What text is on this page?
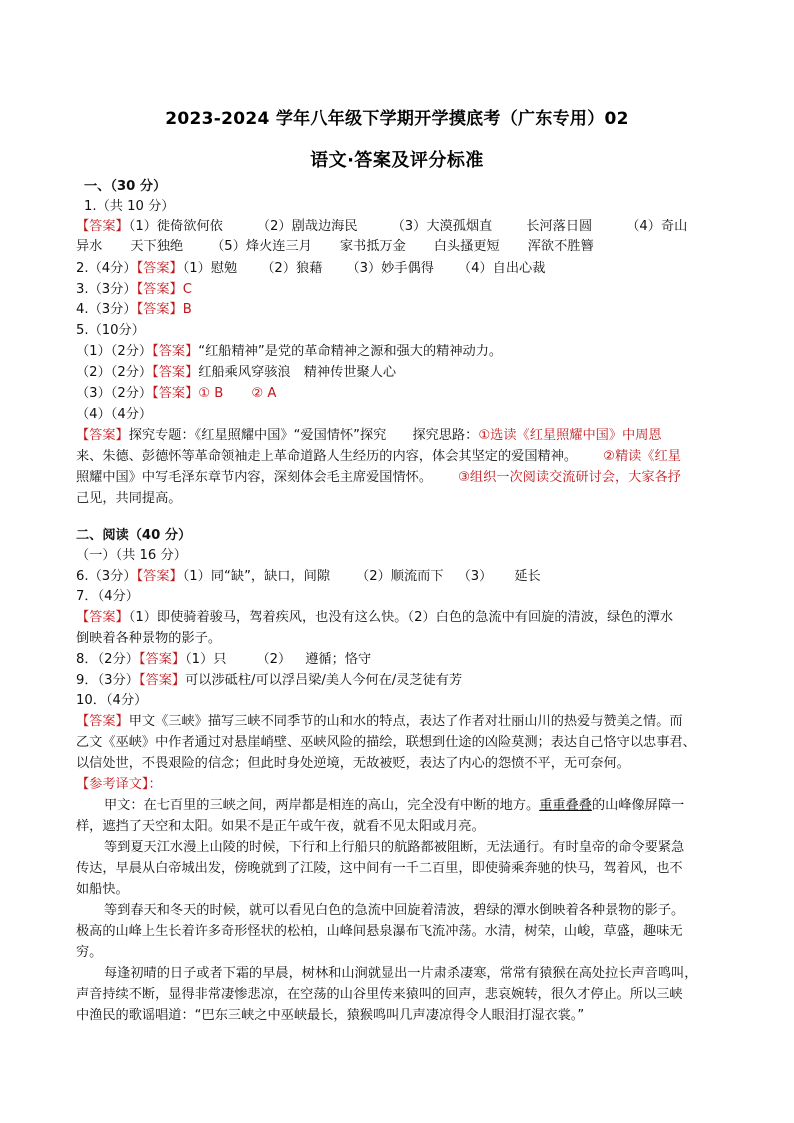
2023-2024 学年八年级下学期开学摸底考（广东专用）02
语文·答案及评分标准
一、（30 分）
1.（共 10 分）
【答案】（1）徙倚欲何依	（2）剧哉边海民	（3）大漠孤烟直	长河落日圆	（4）奇山
异水 天下独绝 （5）烽火连三月 家书抵万金 白头搔更短 浑欲不胜簪
2.（4分）【答案】（1）慰勉 （2）狼藉 （3）妙手偶得 （4）自出心裁
3.（3分）【答案】C
4.（3分）【答案】B
5.（10分）
（1）（2分）【答案】“红船精神”是党的革命精神之源和强大的精神动力。
（2）（2分）【答案】红船乘风穿骇浪　精神传世聚人心
（3）（2分）【答案】① B ② A
（4）（4分）
【答案】探究专题：《红星照耀中国》“爱国情怀”探究 探究思路：①选读《红星照耀中国》中周恩
来、朱德、彭德怀等革命领袖走上革命道路人生经历的内容，体会其坚定的爱国精神。 ②精读《红星
照耀中国》中写毛泽东章节内容，深刻体会毛主席爱国情怀。 ③组织一次阅读交流研讨会，大家各抒
己见，共同提高。
二、阅读（40 分）
（一）（共 16 分）
6.（3分）【答案】（1）同“缺”，缺口，间隙 （2）顺流而下 （3） 延长
7．（4分）
【答案】（1）即使骑着骏马，驾着疾风，也没有这么快。（2）白色的急流中有回旋的清波，绿色的潭水
倒映着各种景物的影子。
8．（2分）【答案】（1）只 （2） 遵循；恪守
9．（3分）【答案】可以涉砥柱/可以浮吕梁/美人今何在/灵芝徒有芳
10．（4分）
【答案】甲文《三峡》描写三峡不同季节的山和水的特点，表达了作者对壮丽山川的热爱与赞美之情。而
乙文《巫峡》中作者通过对悬崖峭壁、巫峡风险的描绘，联想到仕途的凶险莫测；表达自己恪守以忠事君、
以信处世，不畏艰险的信念；但此时身处逆境，无故被贬，表达了内心的怨愤不平，无可奈何。
【参考译文】：
甲文：在七百里的三峡之间，两岸都是相连的高山，完全没有中断的地方。重重叠叠的山峰像屏障一
样，遮挡了天空和太阳。如果不是正午或午夜，就看不见太阳或月亮。
等到夏天江水漫上山陵的时候，下行和上行船只的航路都被阻断，无法通行。有时皇帝的命令要紧急
传达，早晨从白帝城出发，傍晚就到了江陵，这中间有一千二百里，即使骑乘奔驰的快马，驾着风，也不
如船快。
等到春天和冬天的时候，就可以看见白色的急流中回旋着清波，碧绿的潭水倒映着各种景物的影子。
极高的山峰上生长着许多奇形怪状的松柏，山峰间悬泉瀑布飞流冲荡。水清，树荣，山峻，草盛，趣味无
穷。
每逢初晴的日子或者下霜的早晨，树林和山涧就显出一片肃杀凄寒，常常有猿猴在高处拉长声音鸣叫，
声音持续不断，显得非常凄惨悲凉，在空荡的山谷里传来猿叫的回声，悲哀婉转，很久才停止。所以三峡
中渔民的歌谣唱道：“巴东三峡之中巫峡最长，猿猴鸣叫几声凄凉得令人眼泪打湿衣裳。”
